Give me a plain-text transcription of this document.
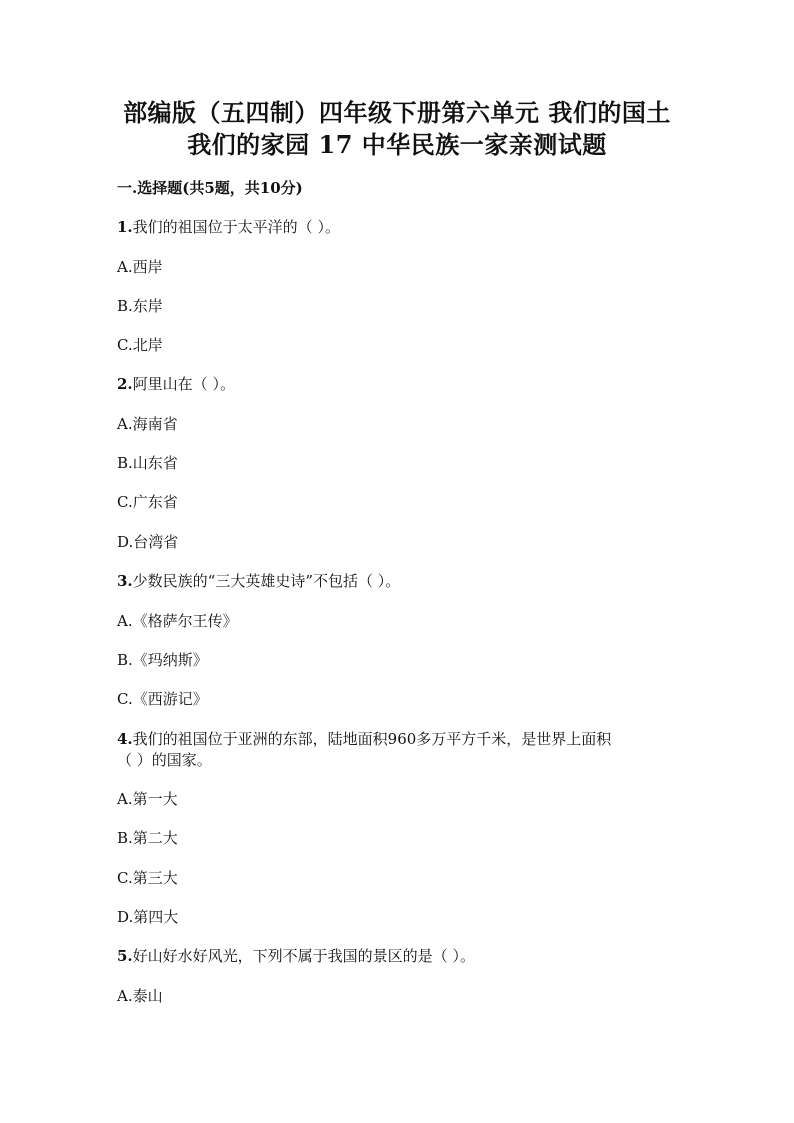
部编版（五四制）四年级下册第六单元 我们的国土
我们的家园 17 中华民族一家亲测试题
一.选择题(共5题，共10分)
1.我们的祖国位于太平洋的（ ）。
A.西岸
B.东岸
C.北岸
2.阿里山在（ ）。
A.海南省
B.山东省
C.广东省
D.台湾省
3.少数民族的“三大英雄史诗”不包括（ ）。
A.《格萨尔王传》
B.《玛纳斯》
C.《西游记》
4.我们的祖国位于亚洲的东部，陆地面积960多万平方千米，是世界上面积
（ ）的国家。
A.第一大
B.第二大
C.第三大
D.第四大
5.好山好水好风光，下列不属于我国的景区的是（ ）。
A.泰山
